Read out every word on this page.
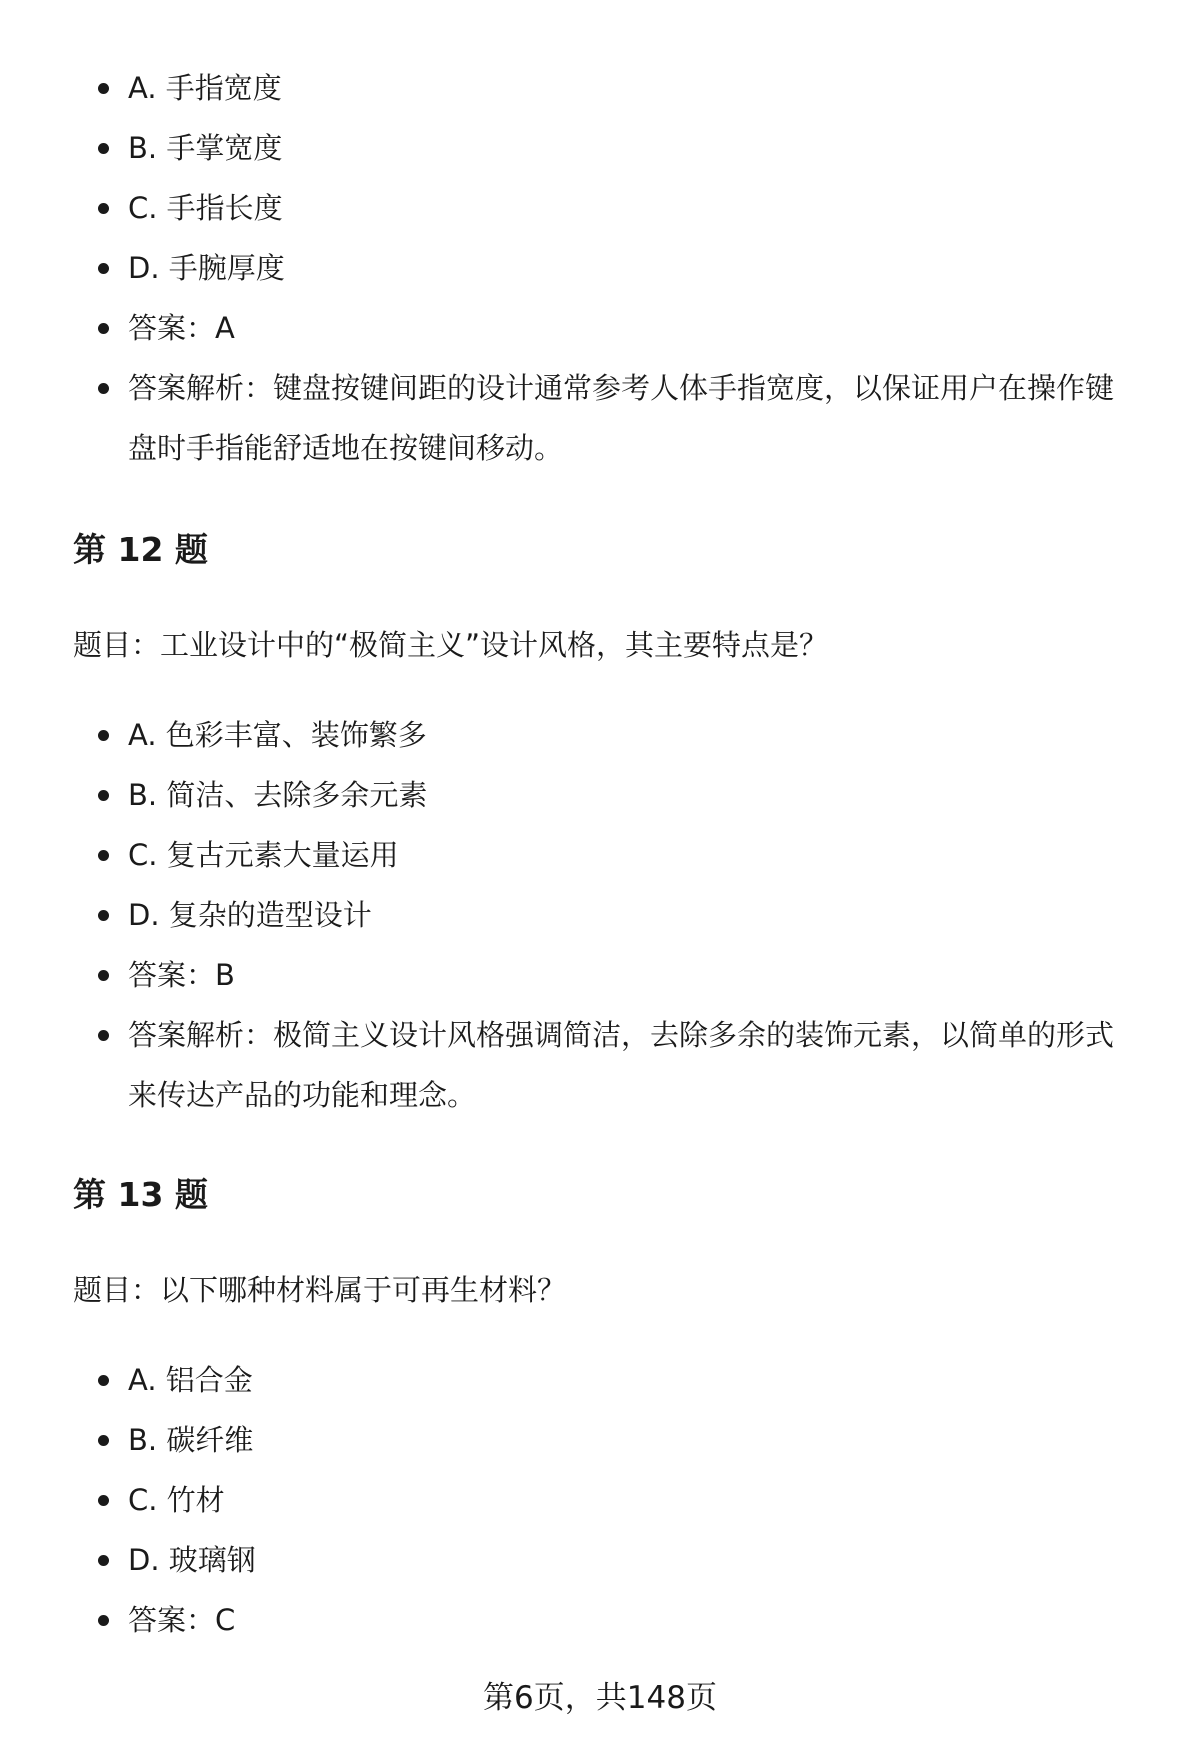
A. 手指宽度
B. 手掌宽度
C. 手指长度
D. 手腕厚度
答案：A
答案解析：键盘按键间距的设计通常参考人体手指宽度，以保证用户在操作键盘时手指能舒适地在按键间移动。
第 12 题

题目：工业设计中的“极简主义”设计风格，其主要特点是？

A. 色彩丰富、装饰繁多
B. 简洁、去除多余元素
C. 复古元素大量运用
D. 复杂的造型设计
答案：B
答案解析：极简主义设计风格强调简洁，去除多余的装饰元素，以简单的形式来传达产品的功能和理念。
第 13 题

题目：以下哪种材料属于可再生材料？

A. 铝合金
B. 碳纤维
C. 竹材
D. 玻璃钢
答案：C
第6页，共148页
